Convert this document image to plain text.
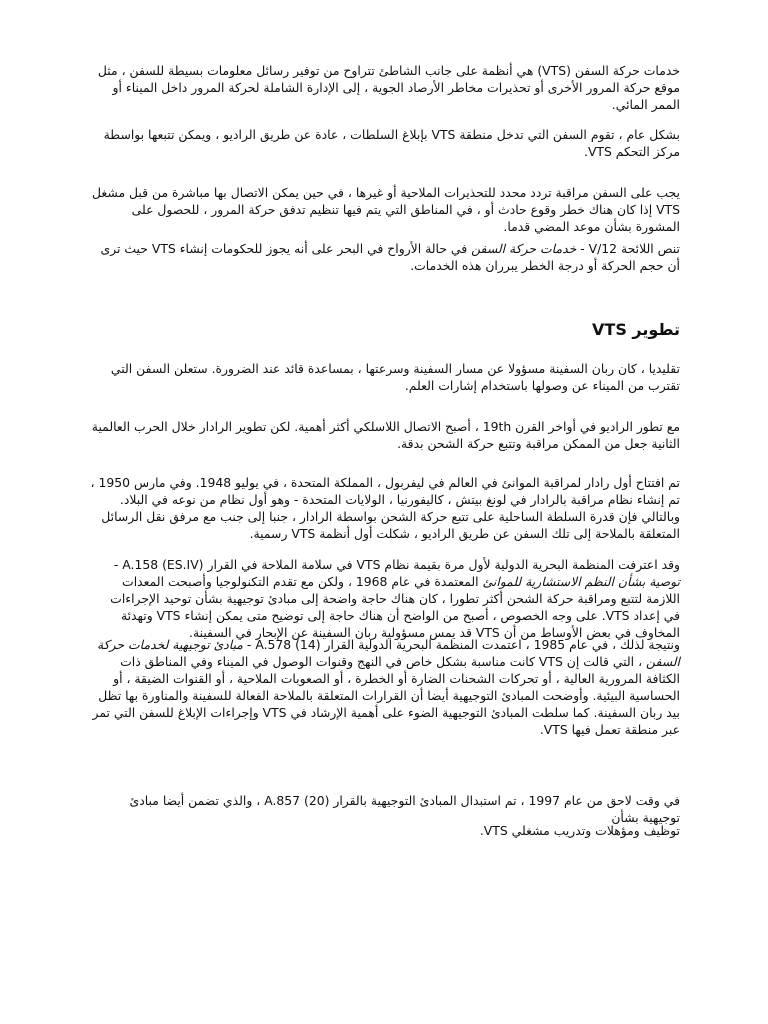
خدمات حركة السفن (VTS) هي أنظمة على جانب الشاطئ تتراوح من توفير رسائل معلومات بسيطة للسفن ، مثل موقع حركة المرور الأخرى أو تحذيرات مخاطر الأرصاد الجوية ، إلى الإدارة الشاملة لحركة المرور داخل الميناء أو الممر المائي.

بشكل عام ، تقوم السفن التي تدخل منطقة VTS بإبلاغ السلطات ، عادة عن طريق الراديو ، ويمكن تتبعها بواسطة مركز التحكم VTS.

يجب على السفن مراقبة تردد محدد للتحذيرات الملاحية أو غيرها ، في حين يمكن الاتصال بها مباشرة من قبل مشغل VTS إذا كان هناك خطر وقوع حادث أو ، في المناطق التي يتم فيها تنظيم تدفق حركة المرور ، للحصول على المشورة بشأن موعد المضي قدما.

تنص اللائحة V/12 - خدمات حركة السفن في حالة الأرواح في البحر على أنه يجوز للحكومات إنشاء VTS حيث ترى أن حجم الحركة أو درجة الخطر يبرران هذه الخدمات.

تطوير VTS

تقليديا ، كان ربان السفينة مسؤولا عن مسار السفينة وسرعتها ، بمساعدة قائد عند الضرورة. ستعلن السفن التي تقترب من الميناء عن وصولها باستخدام إشارات العلم.

مع تطور الراديو في أواخر القرن 19th ، أصبح الاتصال اللاسلكي أكثر أهمية. لكن تطوير الرادار خلال الحرب العالمية الثانية جعل من الممكن مراقبة وتتبع حركة الشحن بدقة.

تم افتتاح أول رادار لمراقبة الموانئ في العالم في ليفربول ، المملكة المتحدة ، في يوليو 1948. وفي مارس 1950 ، تم إنشاء نظام مراقبة بالرادار في لونغ بيتش ، كاليفورنيا ، الولايات المتحدة - وهو أول نظام من نوعه في البلاد. وبالتالي فإن قدرة السلطة الساحلية على تتبع حركة الشحن بواسطة الرادار ، جنبا إلى جنب مع مرفق نقل الرسائل المتعلقة بالملاحة إلى تلك السفن عن طريق الراديو ، شكلت أول أنظمة VTS رسمية.

وقد اعترفت المنظمة البحرية الدولية لأول مرة بقيمة نظام VTS في سلامة الملاحة في القرار A.158 (ES.IV) - توصية بشأن النظم الاستشارية للموانئ المعتمدة في عام 1968 ، ولكن مع تقدم التكنولوجيا وأصبحت المعدات اللازمة لتتبع ومراقبة حركة الشحن أكثر تطورا ، كان هناك حاجة واضحة إلى مبادئ توجيهية بشأن توحيد الإجراءات في إعداد VTS. على وجه الخصوص ، أصبح من الواضح أن هناك حاجة إلى توضيح متى يمكن إنشاء VTS وتهدئة المخاوف في بعض الأوساط من أن VTS قد يمس مسؤولية ربان السفينة عن الإبحار في السفينة.

ونتيجة لذلك ، في عام 1985 ، اعتمدت المنظمة البحرية الدولية القرار A.578 (14) - مبادئ توجيهية لخدمات حركة السفن ، التي قالت إن VTS كانت مناسبة بشكل خاص في النهج وقنوات الوصول في الميناء وفي المناطق ذات الكثافة المرورية العالية ، أو تحركات الشحنات الضارة أو الخطرة ، أو الصعوبات الملاحية ، أو القنوات الضيقة ، أو الحساسية البيئية. وأوضحت المبادئ التوجيهية أيضا أن القرارات المتعلقة بالملاحة الفعالة للسفينة والمناورة بها تظل بيد ربان السفينة. كما سلطت المبادئ التوجيهية الضوء على أهمية الإرشاد في VTS وإجراءات الإبلاغ للسفن التي تمر عبر منطقة تعمل فيها VTS.

في وقت لاحق من عام 1997 ، تم استبدال المبادئ التوجيهية بالقرار A.857 (20) ، والذي تضمن أيضا مبادئ توجيهية بشأن

توظيف ومؤهلات وتدريب مشغلي VTS.
